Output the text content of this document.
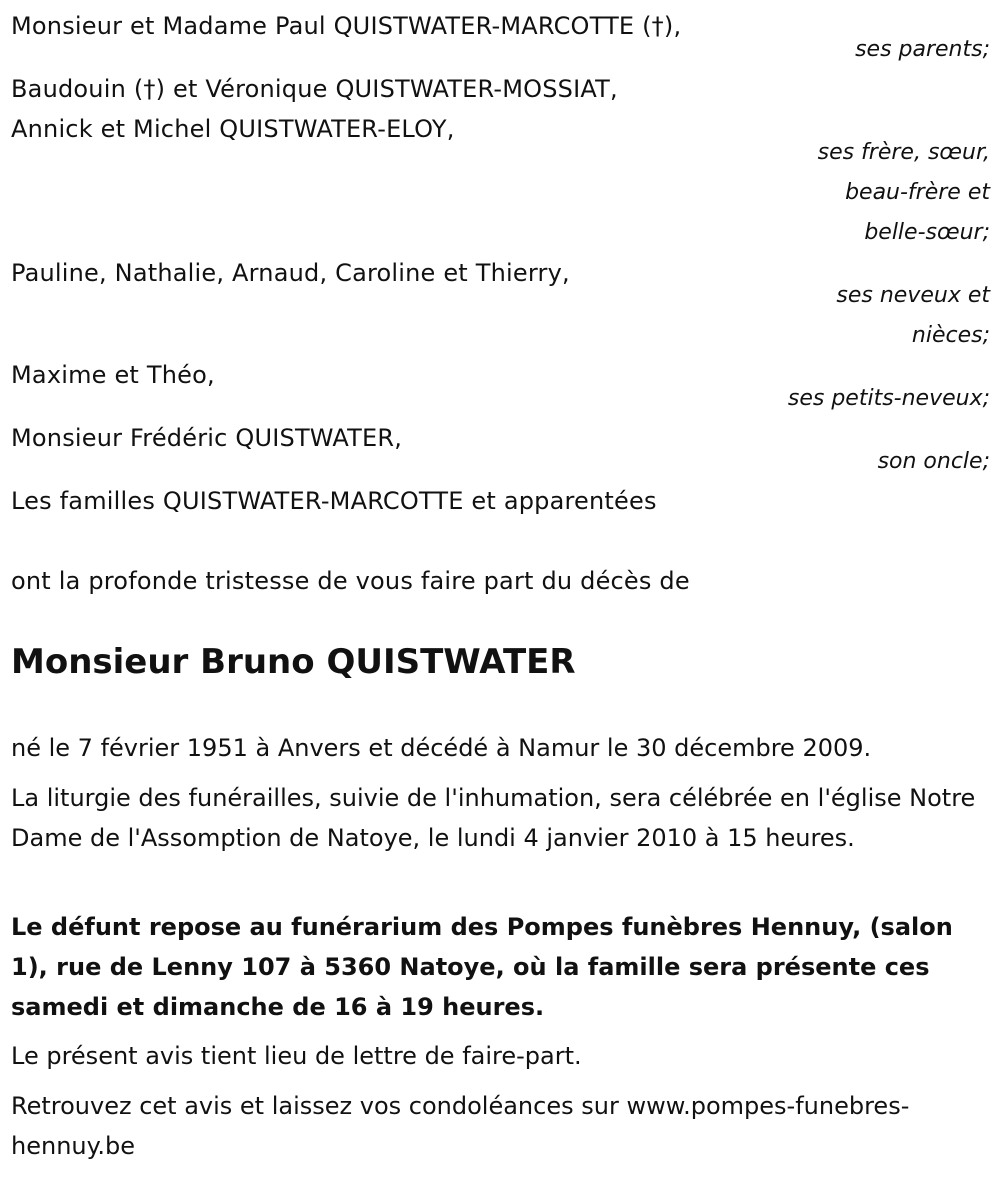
Monsieur et Madame Paul QUISTWATER-MARCOTTE (†),
ses parents;
Baudouin (†) et Véronique QUISTWATER-MOSSIAT,
Annick et Michel QUISTWATER-ELOY,
ses frère, sœur,
beau-frère et
belle-sœur;
Pauline, Nathalie, Arnaud, Caroline et Thierry,
ses neveux et
nièces;
Maxime et Théo,
ses petits-neveux;
Monsieur Frédéric QUISTWATER,
son oncle;
Les familles QUISTWATER-MARCOTTE et apparentées
ont la profonde tristesse de vous faire part du décès de
Monsieur Bruno QUISTWATER
né le 7 février 1951 à Anvers et décédé à Namur le 30 décembre 2009.
La liturgie des funérailles, suivie de l'inhumation, sera célébrée en l'église Notre Dame de l'Assomption de Natoye, le lundi 4 janvier 2010 à 15 heures.
Le défunt repose au funérarium des Pompes funèbres Hennuy, (salon 1), rue de Lenny 107 à 5360 Natoye, où la famille sera présente ces samedi et dimanche de 16 à 19 heures.
Le présent avis tient lieu de lettre de faire-part.
Retrouvez cet avis et laissez vos condoléances sur www.pompes-funebres-hennuy.be
